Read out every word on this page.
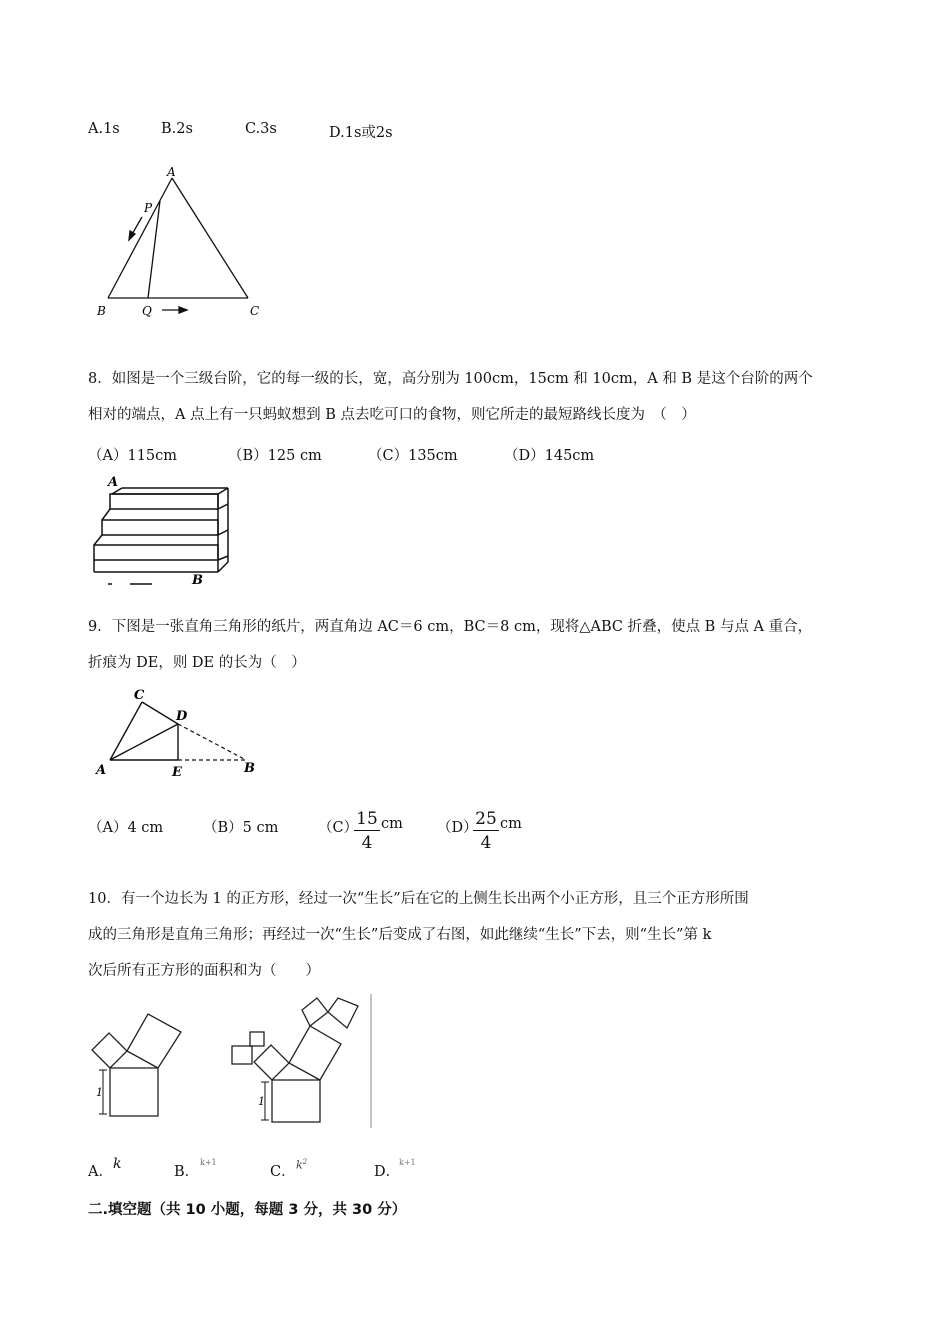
A.1s	B.2s	C.3s	D.1s或2s
A
P
B	Q	C
8．如图是一个三级台阶，它的每一级的长，宽，高分别为 100cm，15cm 和 10cm，A 和 B 是这个台阶的两个
相对的端点，A 点上有一只蚂蚁想到 B 点去吃可口的食物，则它所走的最短路线长度为　（　）
（A）115cm	（B）125 cm	（C）135cm	（D）145cm
A
B
9．下图是一张直角三角形的纸片，两直角边 AC＝6 cm，BC＝8 cm，现将△ABC 折叠，使点 B 与点 A 重合，
折痕为 DE，则 DE 的长为（　）
C
D
A	E	B
（A）4 cm	（B）5 cm	（C）
$\frac{15}{4}$ cm （D）
$\frac{25}{4}$ cm
10．有一个边长为 1 的正方形，经过一次“生长”后在它的上侧生长出两个小正方形，且三个正方形所围
成的三角形是直角三角形；再经过一次“生长”后变成了右图，如此继续“生长”下去，则“生长”第 k
次后所有正方形的面积和为（　　）
1
1
A． k	B．
k+1
C． $k^2$
D．
k+1
二.填空题（共 10 小题，每题 3 分，共 30 分）
